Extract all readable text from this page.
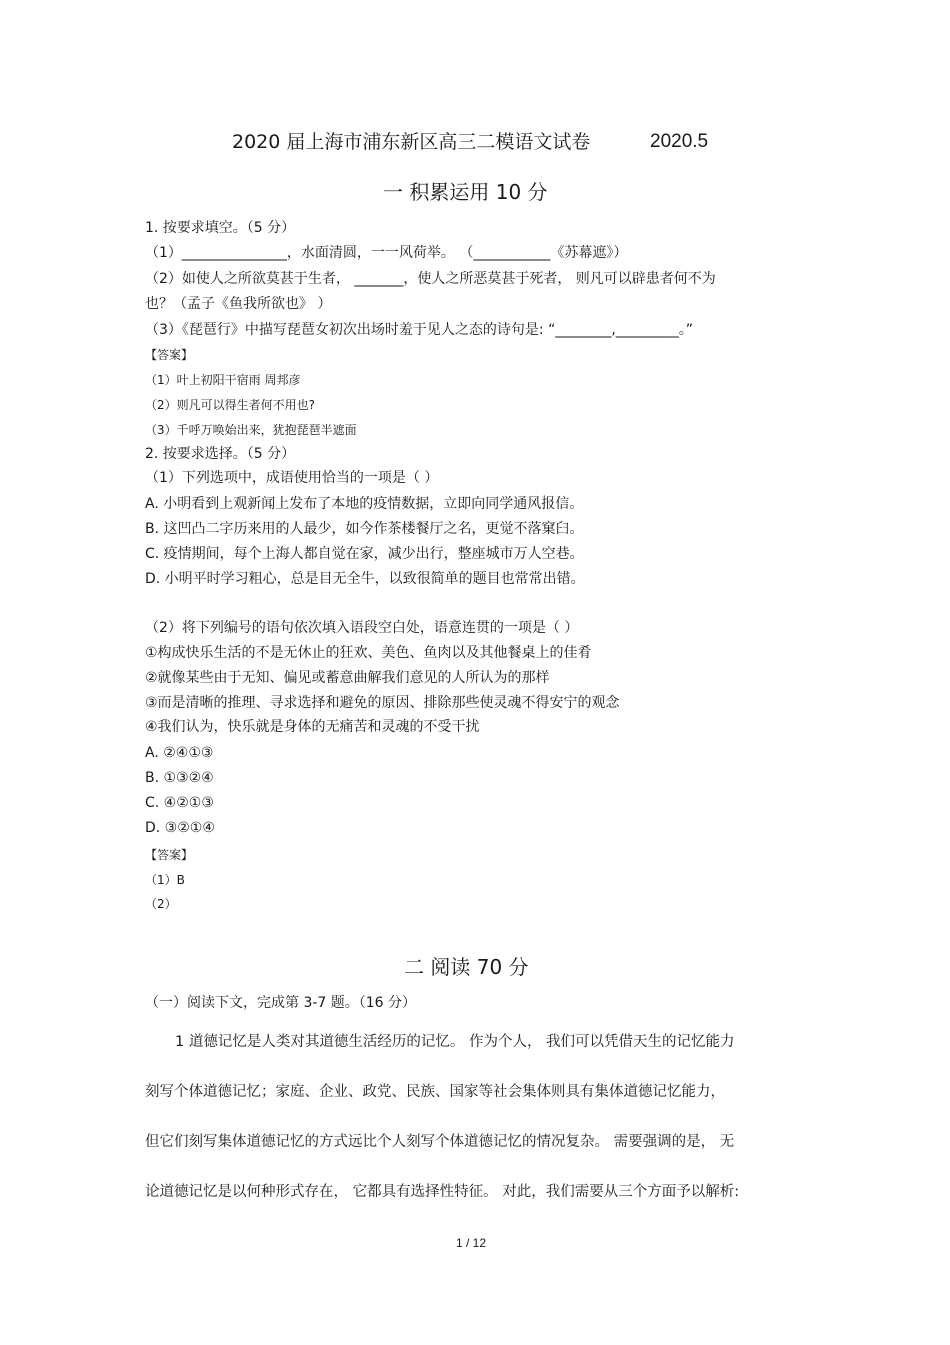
2020 届上海市浦东新区高三二模语文试卷	2020.5
一 积累运用 10 分
1. 按要求填空。（5 分）
（1）_______________，水面清圆，一一风荷举。 （___________《苏幕遮》）
（2）如使人之所欲莫甚于生者， _______，使人之所恶莫甚于死者， 则凡可以辟患者何不为
也？（孟子《鱼我所欲也》 ）
（3）《琵琶行》中描写琵琶女初次出场时羞于见人之态的诗句是: “________,_________。”
【答案】
（1）叶上初阳干宿雨 周邦彦
（2）则凡可以得生者何不用也?
（3）千呼万唤始出来，犹抱琵琶半遮面
2. 按要求选择。（5 分）
（1）下列选项中，成语使用恰当的一项是（ ）
A. 小明看到上观新闻上发布了本地的疫情数据，立即向同学通风报信。
B. 这凹凸二字历来用的人最少，如今作茶楼餐厅之名，更觉不落窠臼。
C. 疫情期间，每个上海人都自觉在家，减少出行，整座城市万人空巷。
D. 小明平时学习粗心，总是目无全牛，以致很简单的题目也常常出错。
（2）将下列编号的语句依次填入语段空白处，语意连贯的一项是（ ）
①构成快乐生活的不是无休止的狂欢、美色、鱼肉以及其他餐桌上的佳肴
②就像某些由于无知、偏见或蓄意曲解我们意见的人所认为的那样
③而是清晰的推理、寻求选择和避免的原因、排除那些使灵魂不得安宁的观念
④我们认为，快乐就是身体的无痛苦和灵魂的不受干扰
A. ②④①③
B. ①③②④
C. ④②①③
D. ③②①④
【答案】
（1）B
（2）
二 阅读 70 分
（一）阅读下文，完成第 3-7 题。（16 分）
1 道德记忆是人类对其道德生活经历的记忆。 作为个人， 我们可以凭借天生的记忆能力
刻写个体道德记忆；家庭、企业、政党、民族、国家等社会集体则具有集体道德记忆能力，
但它们刻写集体道德记忆的方式远比个人刻写个体道德记忆的情况复杂。 需要强调的是， 无
论道德记忆是以何种形式存在， 它都具有选择性特征。 对此，我们需要从三个方面予以解析:
1 / 12
